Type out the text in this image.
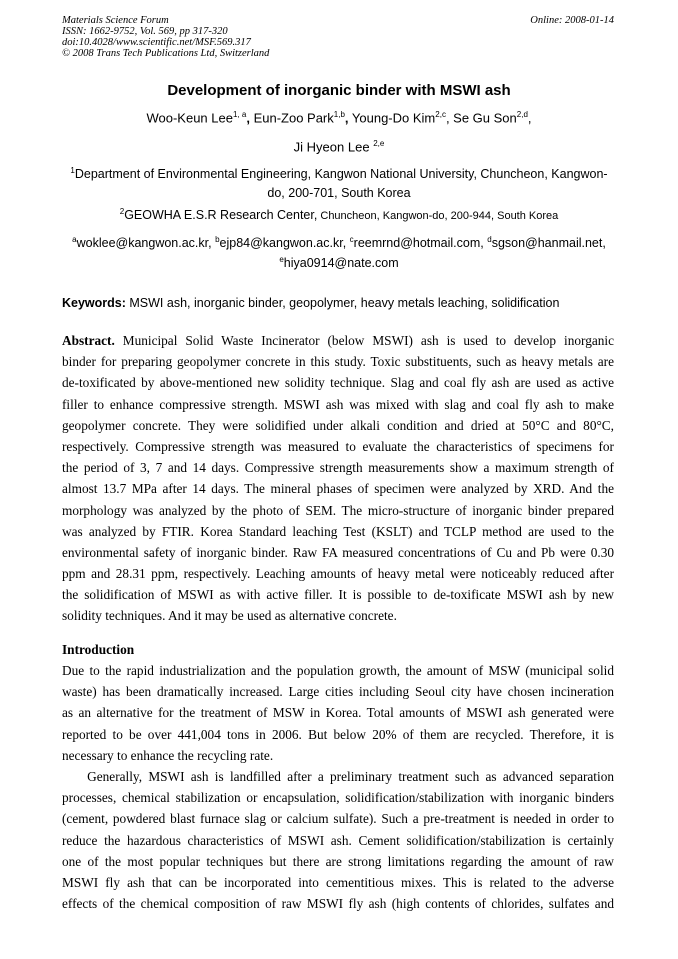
Materials Science Forum
ISSN: 1662-9752, Vol. 569, pp 317-320
doi:10.4028/www.scientific.net/MSF.569.317
© 2008 Trans Tech Publications Ltd, Switzerland
Online: 2008-01-14
Development of inorganic binder with MSWI ash
Woo-Keun Lee$^{1, a}$, Eun-Zoo Park$^{1,b}$, Young-Do Kim$^{2,c}$, Se Gu Son$^{2,d}$,
Ji Hyeon Lee $^{2,e}$
$^1$Department of Environmental Engineering, Kangwon National University, Chuncheon, Kangwon-
do, 200-701, South Korea
$^2$GEOWHA E.S.R Research Center, Chuncheon, Kangwon-do, 200-944, South Korea
$^a$woklee@kangwon.ac.kr, $^b$ejp84@kangwon.ac.kr, $^c$reemrnd@hotmail.com, $^d$sgson@hanmail.net,
$^e$hiya0914@nate.com
Keywords: MSWI ash, inorganic binder, geopolymer, heavy metals leaching, solidification
Abstract. Municipal Solid Waste Incinerator (below MSWI) ash is used to develop inorganic
binder for preparing geopolymer concrete in this study. Toxic substituents, such as heavy metals are
de-toxificated by above-mentioned new solidity technique. Slag and coal fly ash are used as active
filler to enhance compressive strength. MSWI ash was mixed with slag and coal fly ash to make
geopolymer concrete. They were solidified under alkali condition and dried at 50°C and 80°C,
respectively. Compressive strength was measured to evaluate the characteristics of specimens for
the period of 3, 7 and 14 days. Compressive strength measurements show a maximum strength of
almost 13.7 MPa after 14 days. The mineral phases of specimen were analyzed by XRD. And the
morphology was analyzed by the photo of SEM. The micro-structure of inorganic binder prepared
was analyzed by FTIR. Korea Standard leaching Test (KSLT) and TCLP method are used to the
environmental safety of inorganic binder. Raw FA measured concentrations of Cu and Pb were 0.30
ppm and 28.31 ppm, respectively. Leaching amounts of heavy metal were noticeably reduced after
the solidification of MSWI as with active filler. It is possible to de-toxificate MSWI ash by new
solidity techniques. And it may be used as alternative concrete.
Introduction
Due to the rapid industrialization and the population growth, the amount of MSW (municipal solid
waste) has been dramatically increased. Large cities including Seoul city have chosen incineration
as an alternative for the treatment of MSW in Korea. Total amounts of MSWI ash generated were
reported to be over 441,004 tons in 2006. But below 20% of them are recycled. Therefore, it is
necessary to enhance the recycling rate.
Generally, MSWI ash is landfilled after a preliminary treatment such as advanced separation
processes, chemical stabilization or encapsulation, solidification/stabilization with inorganic binders
(cement, powdered blast furnace slag or calcium sulfate). Such a pre-treatment is needed in order to
reduce the hazardous characteristics of MSWI ash. Cement solidification/stabilization is certainly
one of the most popular techniques but there are strong limitations regarding the amount of raw
MSWI fly ash that can be incorporated into cementitious mixes. This is related to the adverse
effects of the chemical composition of raw MSWI fly ash (high contents of chlorides, sulfates and
